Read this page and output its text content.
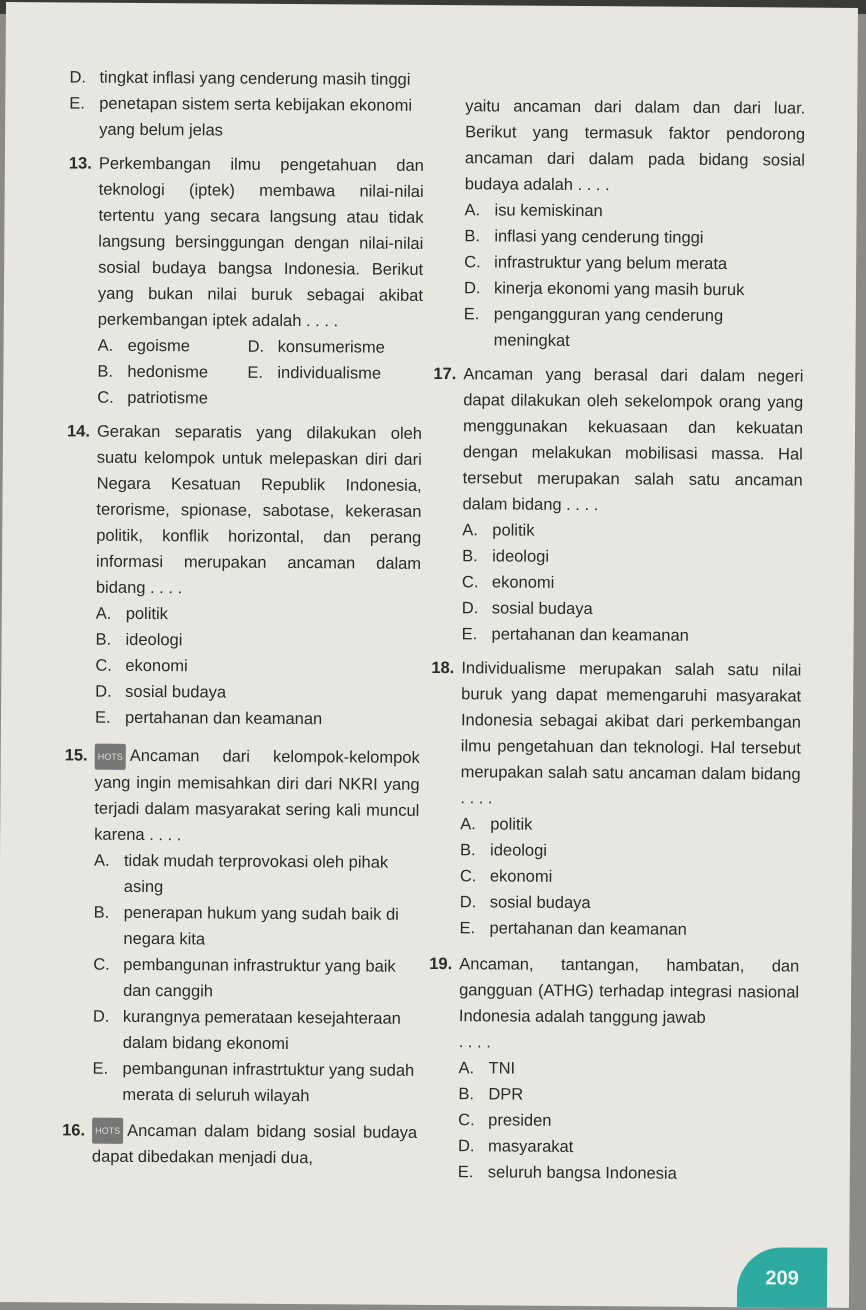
D. tingkat inflasi yang cenderung masih tinggi
E. penetapan sistem serta kebijakan ekonomi yang belum jelas
13. Perkembangan ilmu pengetahuan dan teknologi (iptek) membawa nilai-nilai tertentu yang secara langsung atau tidak langsung bersinggungan dengan nilai-nilai sosial budaya bangsa Indonesia. Berikut yang bukan nilai buruk sebagai akibat perkembangan iptek adalah . . . .
A. egoisme	D. konsumerisme
B. hedonisme E. individualisme
C. patriotisme
14. Gerakan separatis yang dilakukan oleh suatu kelompok untuk melepaskan diri dari Negara Kesatuan Republik Indonesia, terorisme, spionase, sabotase, kekerasan politik, konflik horizontal, dan perang informasi merupakan ancaman dalam bidang . . . .
A. politik
B. ideologi
C. ekonomi
D. sosial budaya
E. pertahanan dan keamanan
15.	HOTS Ancaman dari kelompok-kelompok yang ingin memisahkan diri dari NKRI yang terjadi dalam masyarakat sering kali muncul karena . . . .
A. tidak mudah terprovokasi oleh pihak asing
B. penerapan hukum yang sudah baik di negara kita
C. pembangunan infrastruktur yang baik dan canggih
D. kurangnya pemerataan kesejahteraan dalam bidang ekonomi
E. pembangunan infrastrtuktur yang sudah merata di seluruh wilayah
16.	HOTS Ancaman dalam bidang sosial budaya dapat dibedakan menjadi dua,
yaitu ancaman dari dalam dan dari luar. Berikut yang termasuk faktor pendorong ancaman dari dalam pada bidang sosial budaya adalah . . . .
A. isu kemiskinan
B. inflasi yang cenderung tinggi
C. infrastruktur yang belum merata
D. kinerja ekonomi yang masih buruk
E. pengangguran yang cenderung meningkat
17. Ancaman yang berasal dari dalam negeri dapat dilakukan oleh sekelompok orang yang menggunakan kekuasaan dan kekuatan dengan melakukan mobilisasi massa. Hal tersebut merupakan salah satu ancaman dalam bidang . . . .
A. politik
B. ideologi
C. ekonomi
D. sosial budaya
E. pertahanan dan keamanan
18. Individualisme merupakan salah satu nilai buruk yang dapat memengaruhi masyarakat Indonesia sebagai akibat dari perkembangan ilmu pengetahuan dan teknologi. Hal tersebut merupakan salah satu ancaman dalam bidang . . . .
A. politik
B. ideologi
C. ekonomi
D. sosial budaya
E. pertahanan dan keamanan
19. Ancaman, tantangan, hambatan, dan gangguan (ATHG) terhadap integrasi nasional Indonesia adalah tanggung jawab
. . . .
A. TNI
B. DPR
C. presiden
D. masyarakat
E. seluruh bangsa Indonesia
209
